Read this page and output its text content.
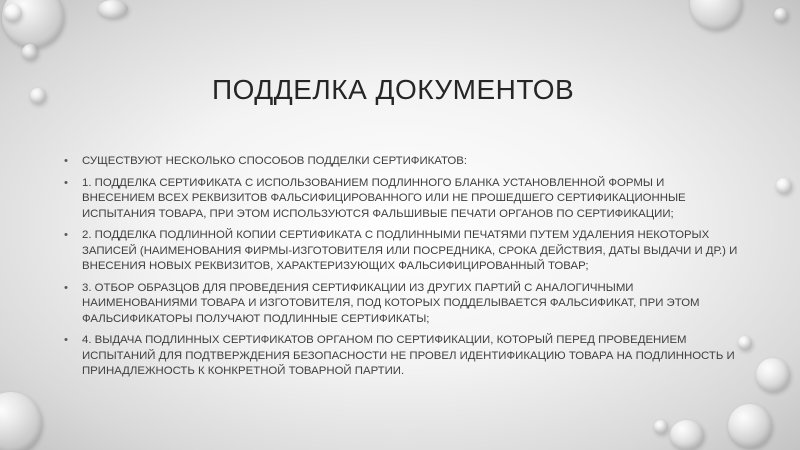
ПОДДЕЛКА ДОКУМЕНТОВ
• СУЩЕСТВУЮТ НЕСКОЛЬКО СПОСОБОВ ПОДДЕЛКИ СЕРТИФИКАТОВ:
• 1. ПОДДЕЛКА СЕРТИФИКАТА С ИСПОЛЬЗОВАНИЕМ ПОДЛИННОГО БЛАНКА УСТАНОВЛЕННОЙ ФОРМЫ И ВНЕСЕНИЕМ ВСЕХ РЕКВИЗИТОВ ФАЛЬСИФИЦИРОВАННОГО ИЛИ НЕ ПРОШЕДШЕГО СЕРТИФИКАЦИОННЫЕ ИСПЫТАНИЯ ТОВАРА, ПРИ ЭТОМ ИСПОЛЬЗУЮТСЯ ФАЛЬШИВЫЕ ПЕЧАТИ ОРГАНОВ ПО СЕРТИФИКАЦИИ;
• 2. ПОДДЕЛКА ПОДЛИННОЙ КОПИИ СЕРТИФИКАТА С ПОДЛИННЫМИ ПЕЧАТЯМИ ПУТЕМ УДАЛЕНИЯ НЕКОТОРЫХ ЗАПИСЕЙ (НАИМЕНОВАНИЯ ФИРМЫ-ИЗГОТОВИТЕЛЯ ИЛИ ПОСРЕДНИКА, СРОКА ДЕЙСТВИЯ, ДАТЫ ВЫДАЧИ И ДР.) И ВНЕСЕНИЯ НОВЫХ РЕКВИЗИТОВ, ХАРАКТЕРИЗУЮЩИХ ФАЛЬСИФИЦИРОВАННЫЙ ТОВАР;
• 3. ОТБОР ОБРАЗЦОВ ДЛЯ ПРОВЕДЕНИЯ СЕРТИФИКАЦИИ ИЗ ДРУГИХ ПАРТИЙ С АНАЛОГИЧНЫМИ НАИМЕНОВАНИЯМИ ТОВАРА И ИЗГОТОВИТЕЛЯ, ПОД КОТОРЫХ ПОДДЕЛЫВАЕТСЯ ФАЛЬСИФИКАТ, ПРИ ЭТОМ ФАЛЬСИФИКАТОРЫ ПОЛУЧАЮТ ПОДЛИННЫЕ СЕРТИФИКАТЫ;
• 4. ВЫДАЧА ПОДЛИННЫХ СЕРТИФИКАТОВ ОРГАНОМ ПО СЕРТИФИКАЦИИ, КОТОРЫЙ ПЕРЕД ПРОВЕДЕНИЕМ ИСПЫТАНИЙ ДЛЯ ПОДТВЕРЖДЕНИЯ БЕЗОПАСНОСТИ НЕ ПРОВЕЛ ИДЕНТИФИКАЦИЮ ТОВАРА НА ПОДЛИННОСТЬ И ПРИНАДЛЕЖНОСТЬ К КОНКРЕТНОЙ ТОВАРНОЙ ПАРТИИ.
